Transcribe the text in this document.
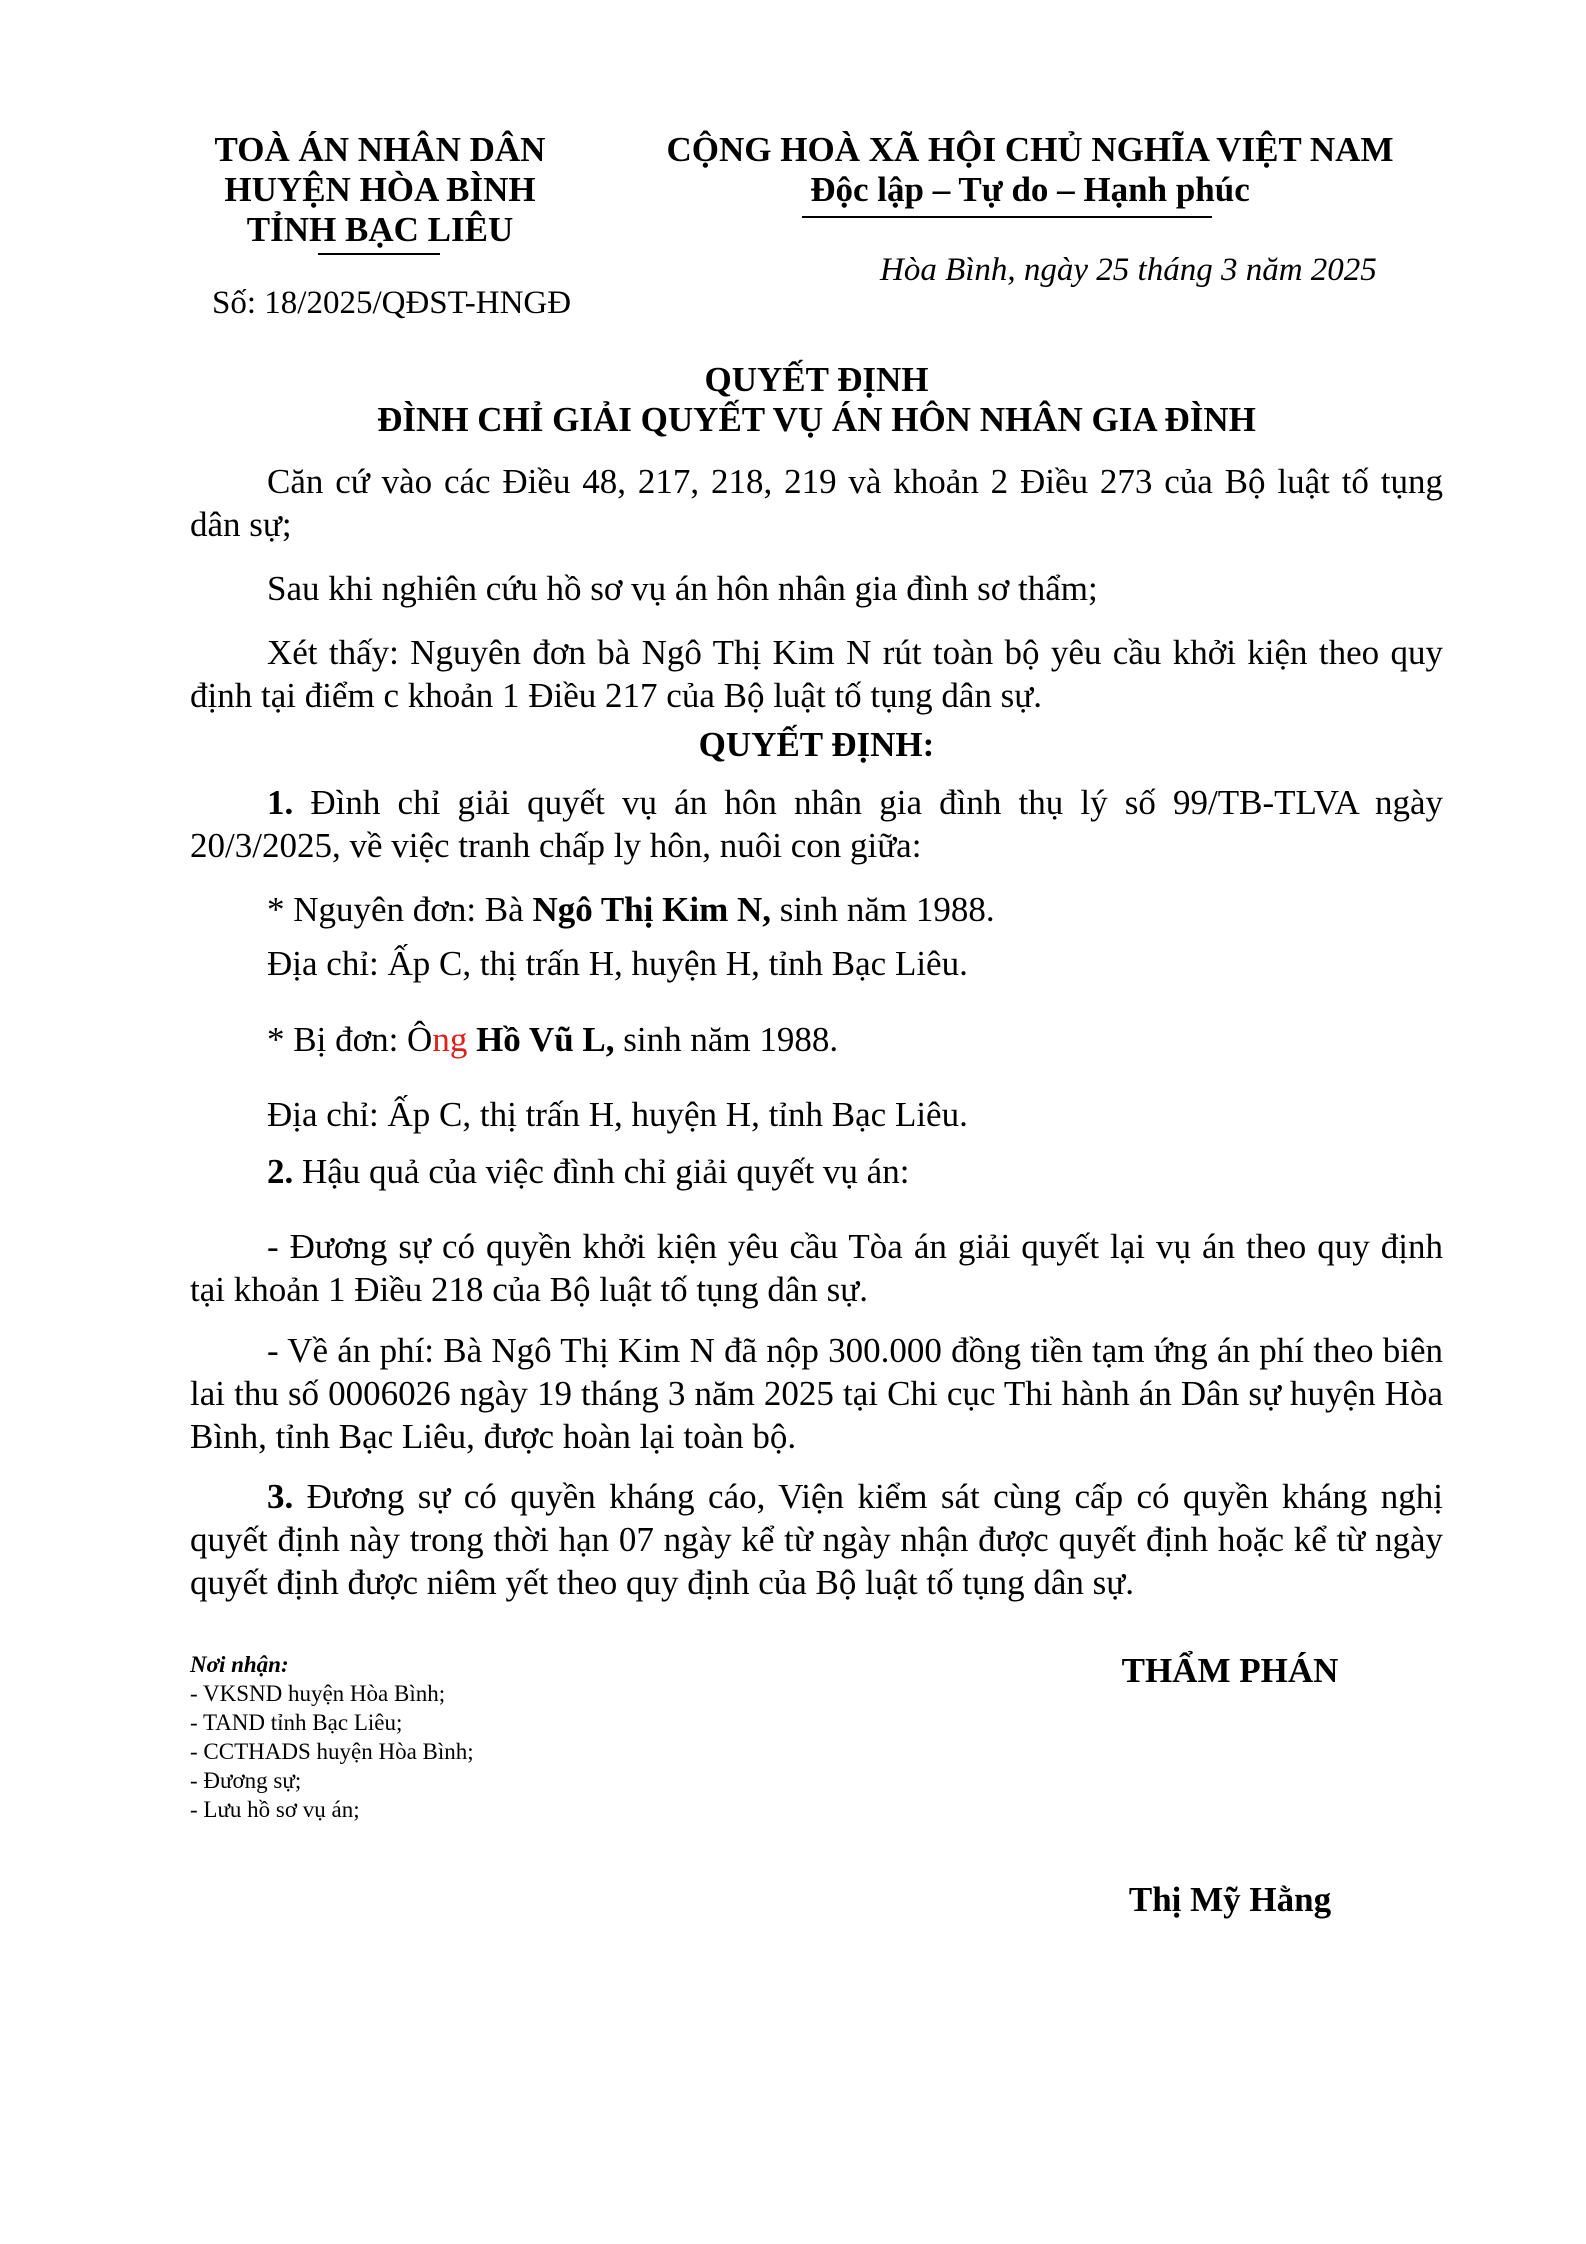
TOÀ ÁN NHÂN DÂN
HUYỆN HÒA BÌNH
TỈNH BẠC LIÊU
Số: 18/2025/QĐST-HNGĐ
CỘNG HOÀ XÃ HỘI CHỦ NGHĨA VIỆT NAM
Độc lập – Tự do – Hạnh phúc
Hòa Bình, ngày 25 tháng 3 năm 2025
QUYẾT ĐỊNH
ĐÌNH CHỈ GIẢI QUYẾT VỤ ÁN HÔN NHÂN GIA ĐÌNH

Căn cứ vào các Điều 48, 217, 218, 219 và khoản 2 Điều 273 của Bộ luật tố tụng dân sự;

Sau khi nghiên cứu hồ sơ vụ án hôn nhân gia đình sơ thẩm;

Xét thấy: Nguyên đơn bà Ngô Thị Kim N rút toàn bộ yêu cầu khởi kiện theo quy định tại điểm c khoản 1 Điều 217 của Bộ luật tố tụng dân sự.

QUYẾT ĐỊNH:

1. Đình chỉ giải quyết vụ án hôn nhân gia đình thụ lý số 99/TB-TLVA ngày 20/3/2025, về việc tranh chấp ly hôn, nuôi con giữa:

* Nguyên đơn: Bà Ngô Thị Kim N, sinh năm 1988.

Địa chỉ: Ấp C, thị trấn H, huyện H, tỉnh Bạc Liêu.

* Bị đơn: Ông Hồ Vũ L, sinh năm 1988.

Địa chỉ: Ấp C, thị trấn H, huyện H, tỉnh Bạc Liêu.

2. Hậu quả của việc đình chỉ giải quyết vụ án:

- Đương sự có quyền khởi kiện yêu cầu Tòa án giải quyết lại vụ án theo quy định tại khoản 1 Điều 218 của Bộ luật tố tụng dân sự.

- Về án phí: Bà Ngô Thị Kim N đã nộp 300.000 đồng tiền tạm ứng án phí theo biên lai thu số 0006026 ngày 19 tháng 3 năm 2025 tại Chi cục Thi hành án Dân sự huyện Hòa Bình, tỉnh Bạc Liêu, được hoàn lại toàn bộ.

3. Đương sự có quyền kháng cáo, Viện kiểm sát cùng cấp có quyền kháng nghị quyết định này trong thời hạn 07 ngày kể từ ngày nhận được quyết định hoặc kể từ ngày quyết định được niêm yết theo quy định của Bộ luật tố tụng dân sự.

Nơi nhận:
- VKSND huyện Hòa Bình;
- TAND tỉnh Bạc Liêu;
- CCTHADS huyện Hòa Bình;
- Đương sự;
- Lưu hồ sơ vụ án;
THẨM PHÁN
Thị Mỹ Hằng
